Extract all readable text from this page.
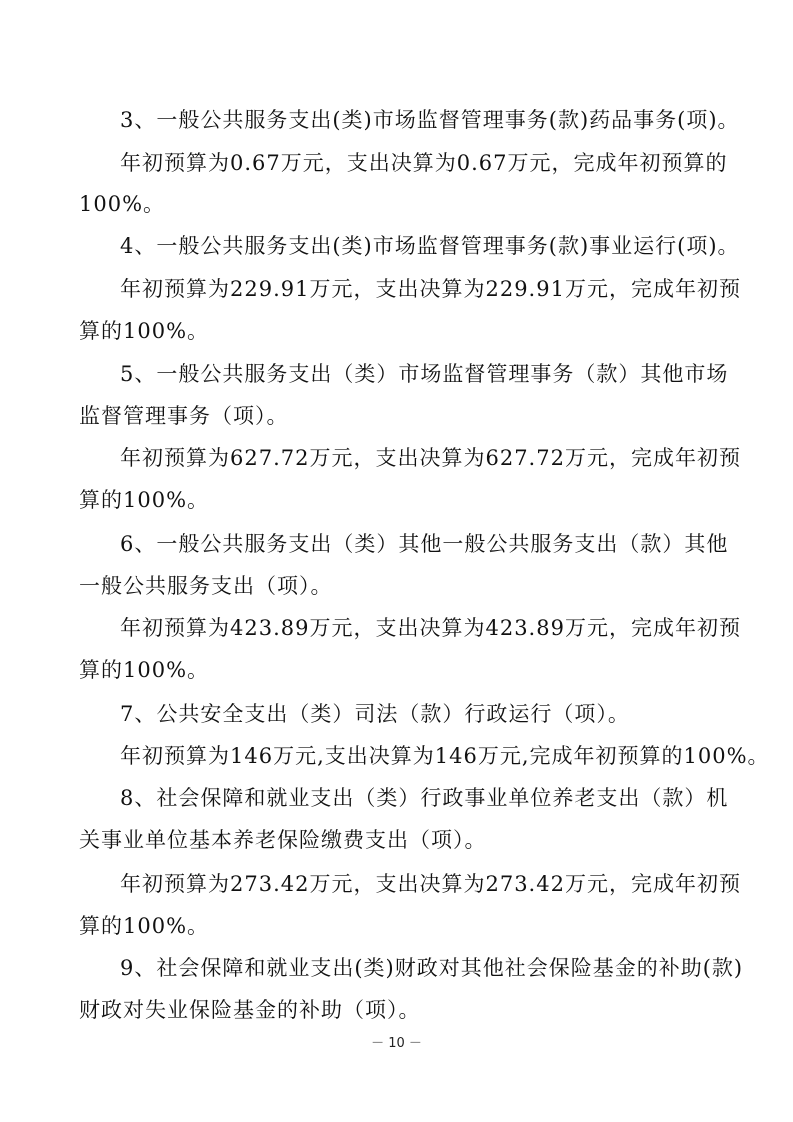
3、一般公共服务支出(类)市场监督管理事务(款)药品事务(项)。
年初预算为0.67万元，支出决算为0.67万元，完成年初预算的
100%。
4、一般公共服务支出(类)市场监督管理事务(款)事业运行(项)。
年初预算为229.91万元，支出决算为229.91万元，完成年初预
算的100%。
5、一般公共服务支出（类）市场监督管理事务（款）其他市场
监督管理事务（项）。
年初预算为627.72万元，支出决算为627.72万元，完成年初预
算的100%。
6、一般公共服务支出（类）其他一般公共服务支出（款）其他
一般公共服务支出（项）。
年初预算为423.89万元，支出决算为423.89万元，完成年初预
算的100%。
7、公共安全支出（类）司法（款）行政运行（项）。
年初预算为146万元,支出决算为146万元,完成年初预算的100%。
8、社会保障和就业支出（类）行政事业单位养老支出（款）机
关事业单位基本养老保险缴费支出（项）。
年初预算为273.42万元，支出决算为273.42万元，完成年初预
算的100%。
9、社会保障和就业支出(类)财政对其他社会保险基金的补助(款)
财政对失业保险基金的补助（项）。
－ 10 －
